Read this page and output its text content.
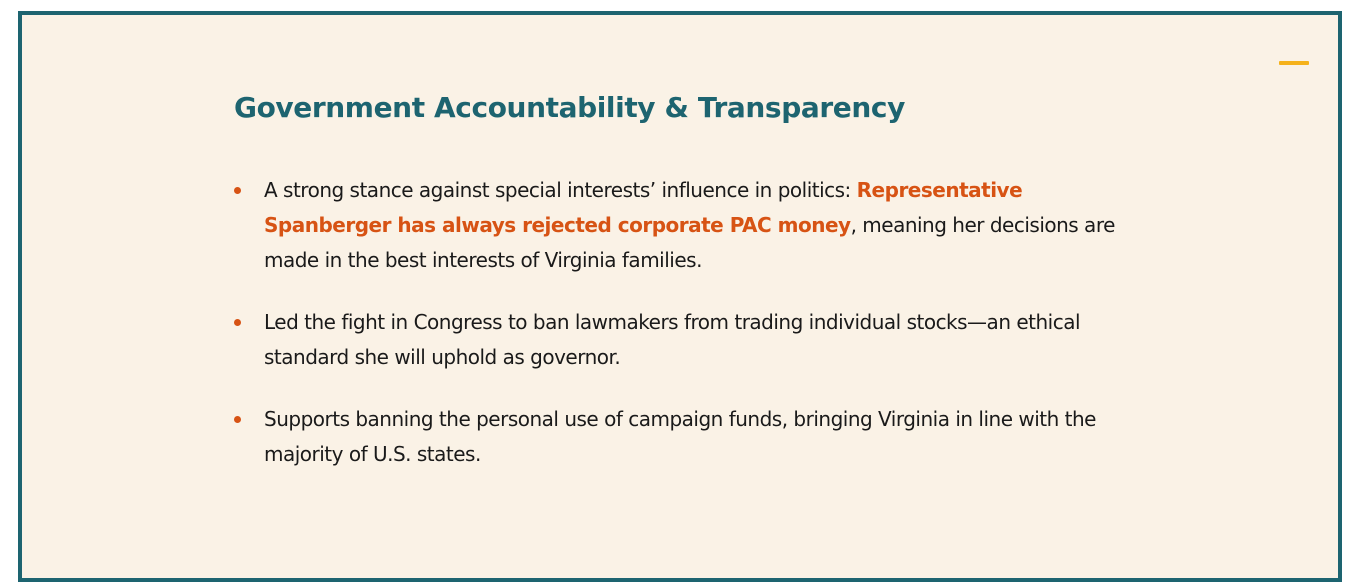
Government Accountability & Transparency
A strong stance against special interests’ influence in politics: Representative Spanberger has always rejected corporate PAC money, meaning her decisions are made in the best interests of Virginia families.
Led the fight in Congress to ban lawmakers from trading individual stocks—an ethical standard she will uphold as governor.
Supports banning the personal use of campaign funds, bringing Virginia in line with the majority of U.S. states.
